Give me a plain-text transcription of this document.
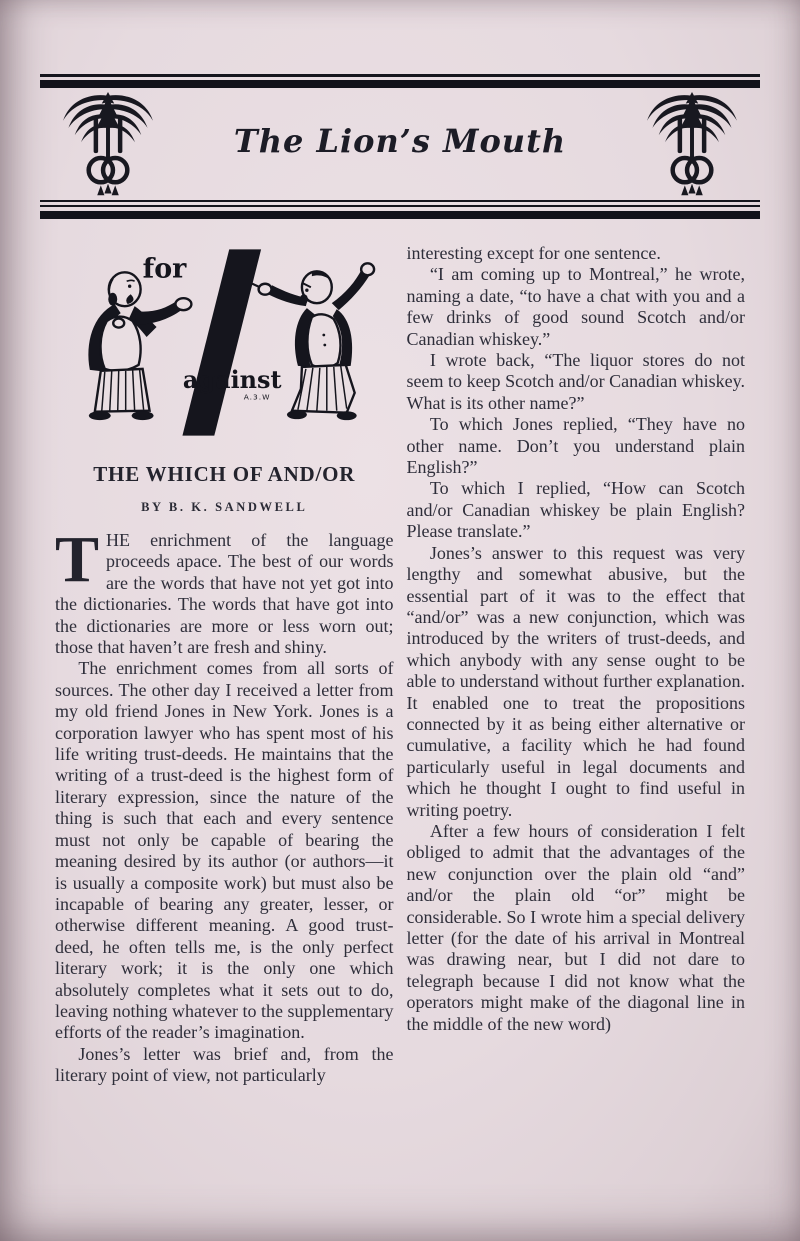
The Lion’s Mouth
for
against
A.3.W
THE WHICH OF AND/OR
BY B. K. SANDWELL

THE enrichment of the language proceeds apace. The best of our words are the words that have not yet got into the dictionaries. The words that have got into the dictionaries are more or less worn out; those that haven’t are fresh and shiny.

The enrichment comes from all sorts of sources. The other day I received a letter from my old friend Jones in New York. Jones is a corporation lawyer who has spent most of his life writing trust-deeds. He maintains that the writing of a trust-deed is the highest form of literary expression, since the nature of the thing is such that each and every sentence must not only be capable of bearing the meaning desired by its author (or authors—it is usually a composite work) but must also be incapable of bearing any greater, lesser, or otherwise different meaning. A good trust-deed, he often tells me, is the only perfect literary work; it is the only one which absolutely completes what it sets out to do, leaving nothing whatever to the supplementary efforts of the reader’s imagination.

Jones’s letter was brief and, from the literary point of view, not particularly

interesting except for one sentence.

“I am coming up to Montreal,” he wrote, naming a date, “to have a chat with you and a few drinks of good sound Scotch and/or Canadian whiskey.”

I wrote back, “The liquor stores do not seem to keep Scotch and/or Canadian whiskey. What is its other name?”

To which Jones replied, “They have no other name. Don’t you understand plain English?”

To which I replied, “How can Scotch and/or Canadian whiskey be plain English? Please translate.”

Jones’s answer to this request was very lengthy and somewhat abusive, but the essential part of it was to the effect that “and/or” was a new conjunction, which was introduced by the writers of trust-deeds, and which anybody with any sense ought to be able to understand without further explanation. It enabled one to treat the propositions connected by it as being either alternative or cumulative, a facility which he had found particularly useful in legal documents and which he thought I ought to find useful in writing poetry.

After a few hours of consideration I felt obliged to admit that the advantages of the new conjunction over the plain old “and” and/or the plain old “or” might be considerable. So I wrote him a special delivery letter (for the date of his arrival in Montreal was drawing near, but I did not dare to telegraph because I did not know what the operators might make of the diagonal line in the middle of the new word)
